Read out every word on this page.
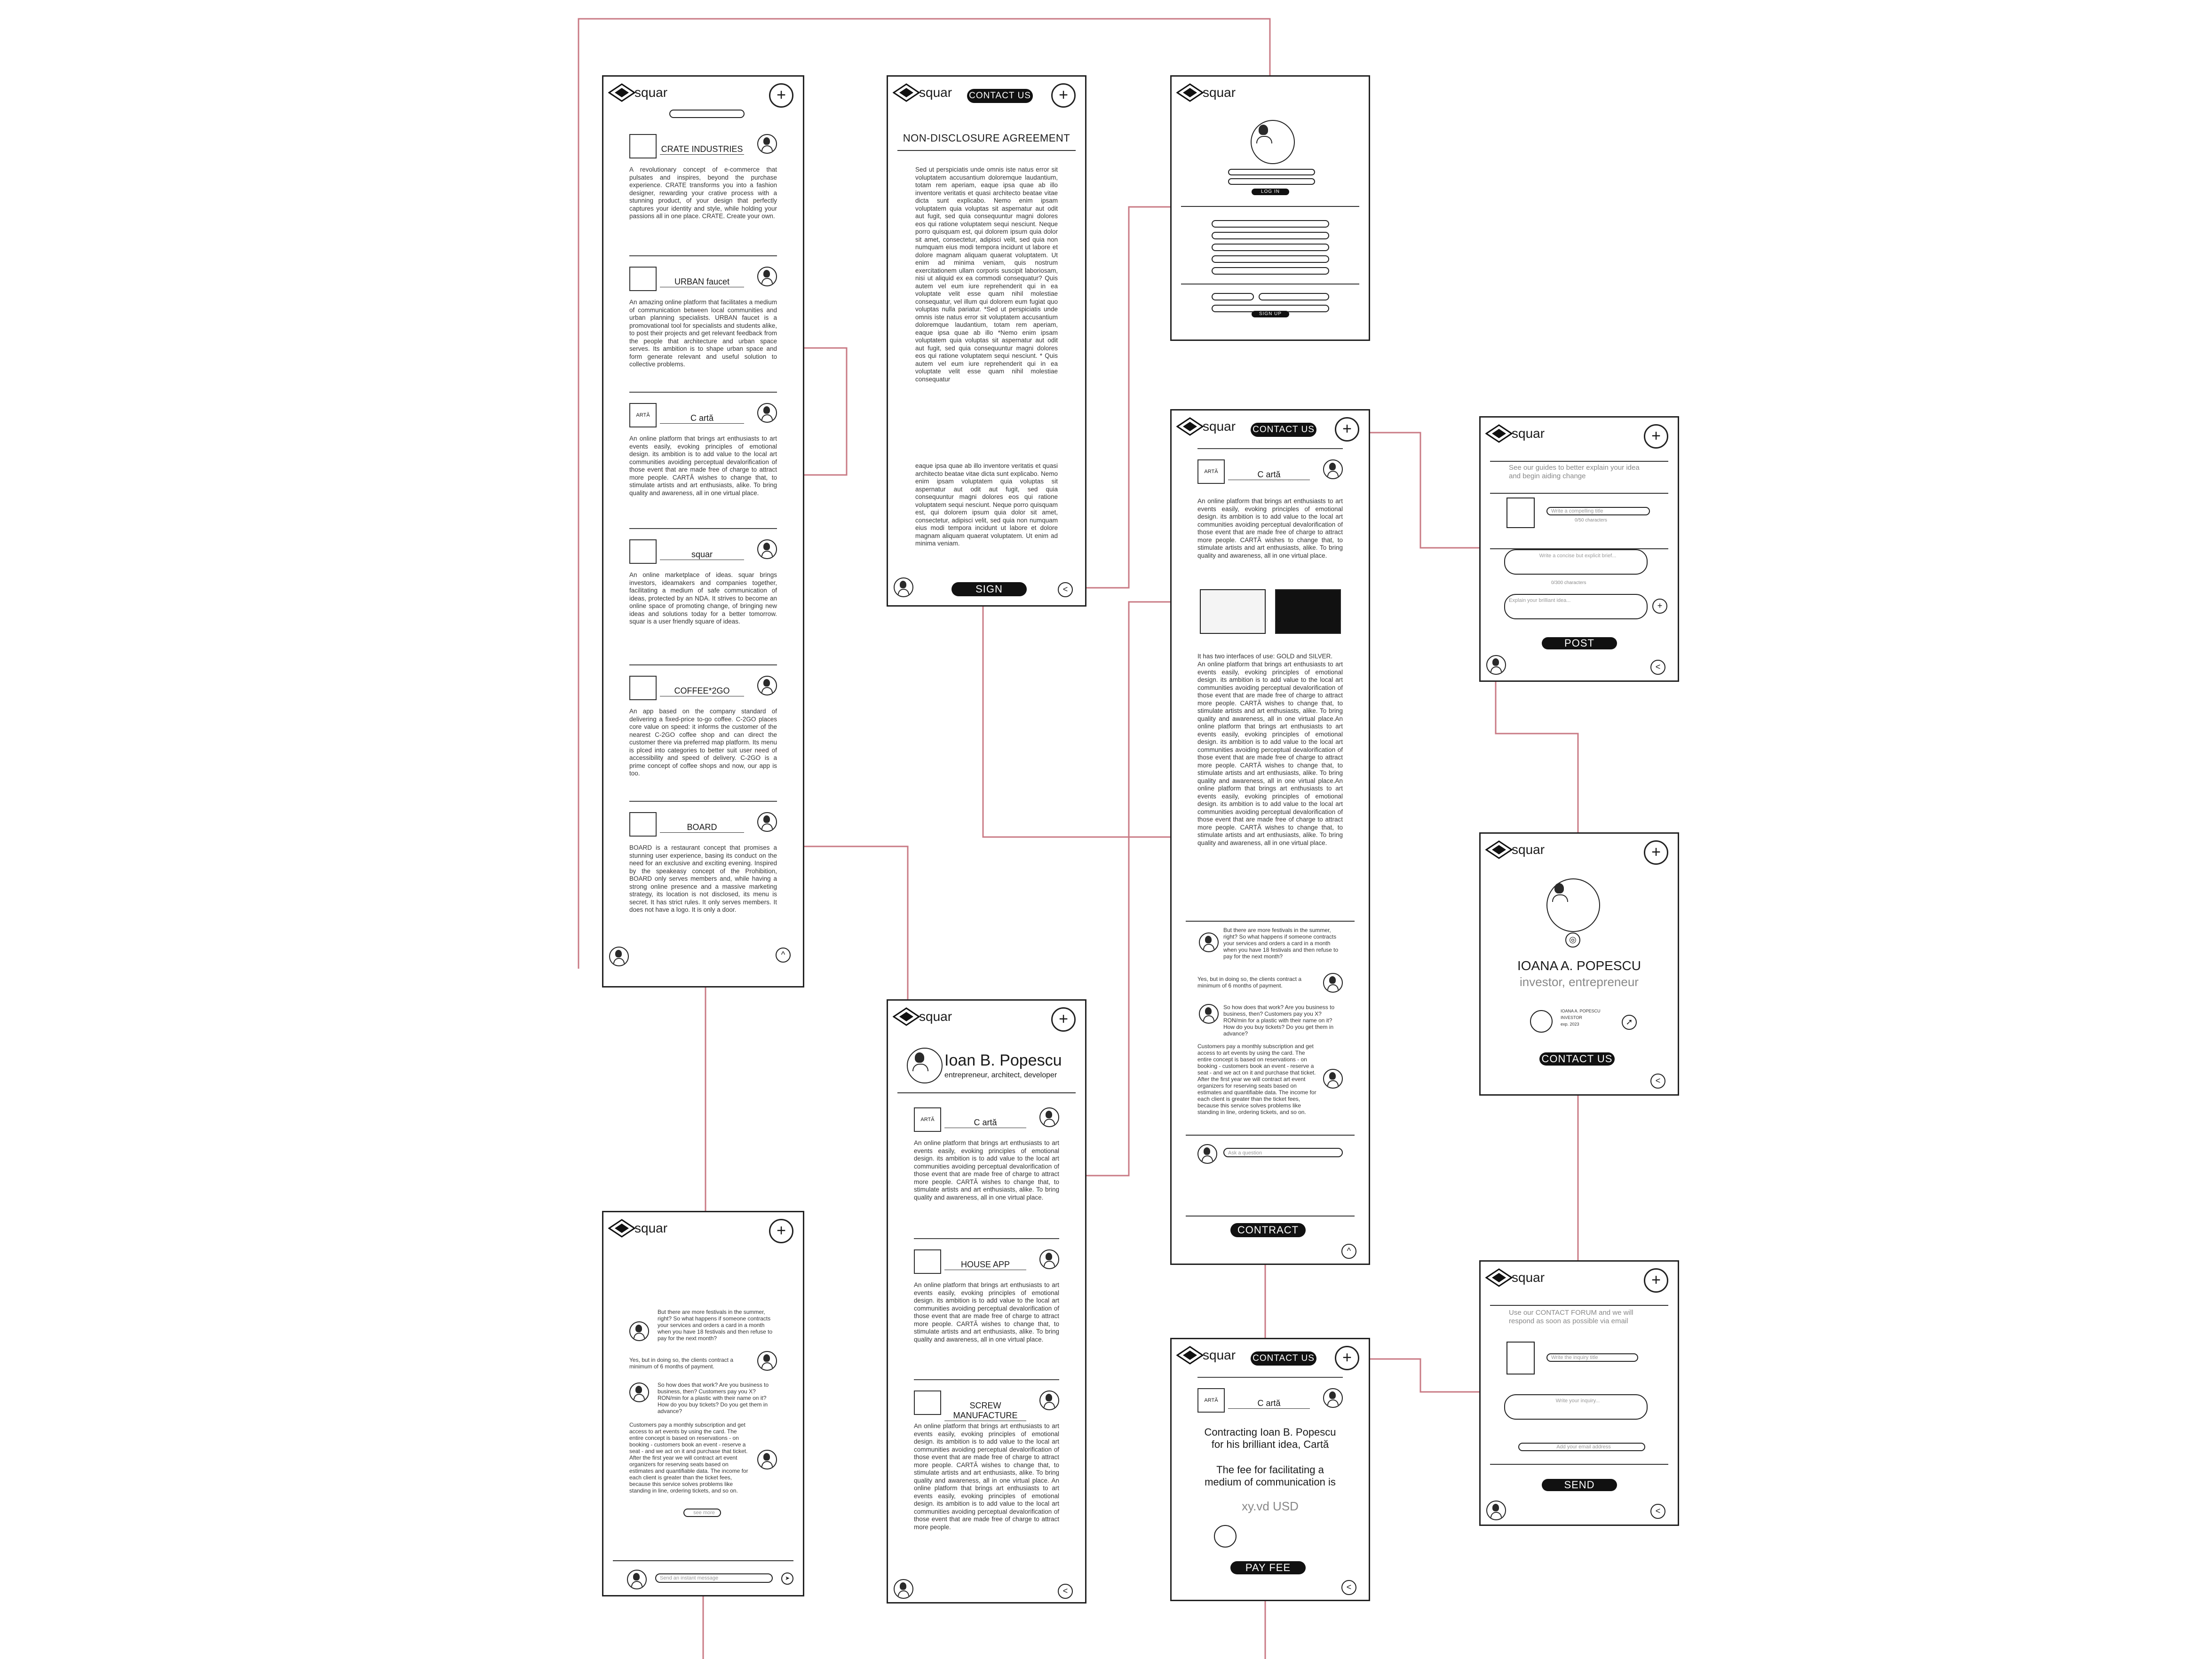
squar	+
CRATE INDUSTRIES
A revolutionary concept of e-commerce that pulsates and inspires, beyond the purchase experience. CRATE transforms you into a fashion designer, rewarding your crative process with a stunning product, of your design that perfectly captures your identity and style, while holding your passions all in one place. CRATE. Create your own.
URBAN faucet
An amazing online platform that facilitates a medium of communication between local communities and urban planning specialists. URBAN faucet is a promovational tool for specialists and students alike, to post their projects and get relevant feedback from the people that architecture and urban space serves. Its ambition is to shape urban space and form generate relevant and useful solution to collective problems.
ARTĂ	C artă
An online platform that brings art enthusiasts to art events easily, evoking principles of emotional design. its ambition is to add value to the local art communities avoiding perceptual devalorification of those event that are made free of charge to attract more people. CARTĂ wishes to change that, to stimulate artists and art enthusiasts, alike. To bring quality and awareness, all in one virtual place.
squar
An online marketplace of ideas. squar brings investors, ideamakers and companies together, facilitating a medium of safe communication of ideas, protected by an NDA. It strives to become an online space of promoting change, of bringing new ideas and solutions today for a better tomorrow. squar is a user friendly square of ideas.
COFFEE*2GO
An app based on the company standard of delivering a fixed-price to-go coffee. C-2GO places core value on speed: it informs the customer of the nearest C-2GO coffee shop and can direct the customer there via preferred map platform. Its menu is plced into categories to better suit user need of accessibility and speed of delivery. C-2GO is a prime concept of coffee shops and now, our app is too.
BOARD
BOARD is a restaurant concept that promises a stunning user experience, basing its conduct on the need for an exclusive and exciting evening. Inspired by the speakeasy concept of the Prohibition, BOARD only serves members and, while having a strong online presence and a massive marketing strategy, its location is not disclosed, its menu is secret. It has strict rules. It only serves members. It does not have a logo. It is only a door.
^
squar CONTACT US	+
NON-DISCLOSURE AGREEMENT
Sed ut perspiciatis unde omnis iste natus error sit voluptatem accusantium doloremque laudantium, totam rem aperiam, eaque ipsa quae ab illo inventore veritatis et quasi architecto beatae vitae dicta sunt explicabo. Nemo enim ipsam voluptatem quia voluptas sit aspernatur aut odit aut fugit, sed quia consequuntur magni dolores eos qui ratione voluptatem sequi nesciunt. Neque porro quisquam est, qui dolorem ipsum quia dolor sit amet, consectetur, adipisci velit, sed quia non numquam eius modi tempora incidunt ut labore et dolore magnam aliquam quaerat voluptatem. Ut enim ad minima veniam, quis nostrum exercitationem ullam corporis suscipit laboriosam, nisi ut aliquid ex ea commodi consequatur? Quis autem vel eum iure reprehenderit qui in ea voluptate velit esse quam nihil molestiae consequatur, vel illum qui dolorem eum fugiat quo voluptas nulla pariatur. *Sed ut perspiciatis unde omnis iste natus error sit voluptatem accusantium doloremque laudantium, totam rem aperiam, eaque ipsa quae ab illo *Nemo enim ipsam voluptatem quia voluptas sit aspernatur aut odit aut fugit, sed quia consequuntur magni dolores eos qui ratione voluptatem sequi nesciunt. * Quis autem vel eum iure reprehenderit qui in ea voluptate velit esse quam nihil molestiae consequatur
eaque ipsa quae ab illo inventore veritatis et quasi architecto beatae vitae dicta sunt explicabo. Nemo enim ipsam voluptatem quia voluptas sit aspernatur aut odit aut fugit, sed quia consequuntur magni dolores eos qui ratione voluptatem sequi nesciunt. Neque porro quisquam est, qui dolorem ipsum quia dolor sit amet, consectetur, adipisci velit, sed quia non numquam eius modi tempora incidunt ut labore et dolore magnam aliquam quaerat voluptatem. Ut enim ad minima veniam.
SIGN	<
squar
LOG IN
SIGN UP
squar CONTACT US	+
ARTĂ	C artă
An online platform that brings art enthusiasts to art events easily, evoking principles of emotional design. its ambition is to add value to the local art communities avoiding perceptual devalorification of those event that are made free of charge to attract more people. CARTĂ wishes to change that, to stimulate artists and art enthusiasts, alike. To bring quality and awareness, all in one virtual place.
It has two interfaces of use: GOLD and SILVER.
An online platform that brings art enthusiasts to art events easily, evoking principles of emotional design. its ambition is to add value to the local art communities avoiding perceptual devalorification of those event that are made free of charge to attract more people. CARTĂ wishes to change that, to stimulate artists and art enthusiasts, alike. To bring quality and awareness, all in one virtual place.An online platform that brings art enthusiasts to art events easily, evoking principles of emotional design. its ambition is to add value to the local art communities avoiding perceptual devalorification of those event that are made free of charge to attract more people. CARTĂ wishes to change that, to stimulate artists and art enthusiasts, alike. To bring quality and awareness, all in one virtual place.An online platform that brings art enthusiasts to art events easily, evoking principles of emotional design. its ambition is to add value to the local art communities avoiding perceptual devalorification of those event that are made free of charge to attract more people. CARTĂ wishes to change that, to stimulate artists and art enthusiasts, alike. To bring quality and awareness, all in one virtual place.
But there are more festivals in the summer, right? So what happens if someone contracts your services and orders a card in a month when you have 18 festivals and then refuse to pay for the next month?
Yes, but in doing so, the clients contract a minimum of 6 months of payment.
So how does that work? Are you business to business, then? Customers pay you X? RON/min for a plastic with their name on it? How do you buy tickets? Do you get them in advance?
Customers pay a monthly subscription and get access to art events by using the card. The entire concept is based on reservations - on booking - customers book an event - reserve a seat - and we act on it and purchase that ticket. After the first year we will contract art event organizers for reserving seats based on estimates and quantifiable data. The income for each client is greater than the ticket fees, because this service solves problems like standing in line, ordering tickets, and so on.
Ask a question
CONTRACT
^
squar	+
See our guides to better explain your idea and begin aiding change
Write a compelling title
0/50 characters
Write a concise but explicit brief...
0/300 characters
Explain your brilliant idea...
+
POST
<
squar	+
◎
IOANA A. POPESCU
investor, entrepreneur
IOANA A. POPESCU
INVESTOR
exp. 2023	➚
CONTACT US
<
squar	+
Use our CONTACT FORUM and we will respond as soon as possible via email
Write the inquiry title
Write your inquiry...
Add your email address
SEND
<
squar	+
Ioan B. Popescu
entrepreneur, architect, developer
ARTĂ	C artă
An online platform that brings art enthusiasts to art events easily, evoking principles of emotional design. its ambition is to add value to the local art communities avoiding perceptual devalorification of those event that are made free of charge to attract more people. CARTĂ wishes to change that, to stimulate artists and art enthusiasts, alike. To bring quality and awareness, all in one virtual place.
HOUSE APP
An online platform that brings art enthusiasts to art events easily, evoking principles of emotional design. its ambition is to add value to the local art communities avoiding perceptual devalorification of those event that are made free of charge to attract more people. CARTĂ wishes to change that, to stimulate artists and art enthusiasts, alike. To bring quality and awareness, all in one virtual place.
SCREW MANUFACTURE
An online platform that brings art enthusiasts to art events easily, evoking principles of emotional design. its ambition is to add value to the local art communities avoiding perceptual devalorification of those event that are made free of charge to attract more people. CARTĂ wishes to change that, to stimulate artists and art enthusiasts, alike. To bring quality and awareness, all in one virtual place. An online platform that brings art enthusiasts to art events easily, evoking principles of emotional design. its ambition is to add value to the local art communities avoiding perceptual devalorification of those event that are made free of charge to attract more people.
<
squar	+
But there are more festivals in the summer, right? So what happens if someone contracts your services and orders a card in a month when you have 18 festivals and then refuse to pay for the next month?
Yes, but in doing so, the clients contract a minimum of 6 months of payment.
So how does that work? Are you business to business, then? Customers pay you X? RON/min for a plastic with their name on it? How do you buy tickets? Do you get them in advance?
Customers pay a monthly subscription and get access to art events by using the card. The entire concept is based on reservations - on booking - customers book an event - reserve a seat - and we act on it and purchase that ticket. After the first year we will contract art event organizers for reserving seats based on estimates and quantifiable data. The income for each client is greater than the ticket fees, because this service solves problems like standing in line, ordering tickets, and so on.
see more
Send an instant message	➤
squar CONTACT US	+
ARTĂ	C artă
Contracting Ioan B. Popescu for his brilliant idea, Cartă
The fee for facilitating a medium of communication is
xy.vd USD
PAY FEE
<
